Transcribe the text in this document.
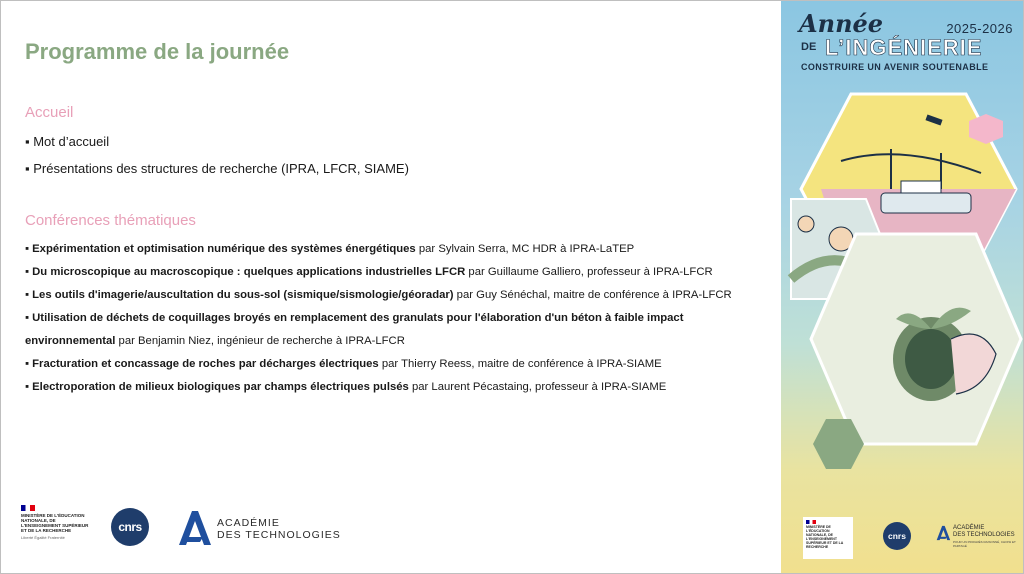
Programme de la journée
Accueil
▪ Mot d’accueil
▪ Présentations des structures de recherche (IPRA, LFCR, SIAME)
Conférences thématiques

▪ Expérimentation et optimisation numérique des systèmes énergétiques par Sylvain Serra, MC HDR à IPRA-LaTEP

▪ Du microscopique au macroscopique : quelques applications industrielles LFCR par Guillaume Galliero, professeur à IPRA-LFCR

▪ Les outils d'imagerie/auscultation du sous-sol (sismique/sismologie/géoradar) par Guy Sénéchal, maitre de conférence à IPRA-LFCR

▪ Utilisation de déchets de coquillages broyés en remplacement des granulats pour l'élaboration d'un béton à faible impact environnemental par Benjamin Niez, ingénieur de recherche à IPRA-LFCR

▪ Fracturation et concassage de roches par décharges électriques par Thierry Reess, maitre de conférence à IPRA-SIAME

▪ Electroporation de milieux biologiques par champs électriques pulsés par Laurent Pécastaing, professeur à IPRA-SIAME

MINISTÈRE DE L'ÉDUCATION NATIONALE, DE L'ENSEIGNEMENT SUPÉRIEUR ET DE LA RECHERCHE
Liberté Égalité Fraternité
cnrs	ACADÉMIE
DES TECHNOLOGIES
Année	2025-2026
DE L’INGÉNIERIE
CONSTRUIRE UN AVENIR SOUTENABLE
MINISTÈRE DE L'ÉDUCATION NATIONALE, DE L'ENSEIGNEMENT SUPÉRIEUR ET DE LA RECHERCHE
cnrs
ACADÉMIE
DES TECHNOLOGIES
POUR UN PROGRÈS RAISONNÉ, CHOISI ET PARTAGÉ
